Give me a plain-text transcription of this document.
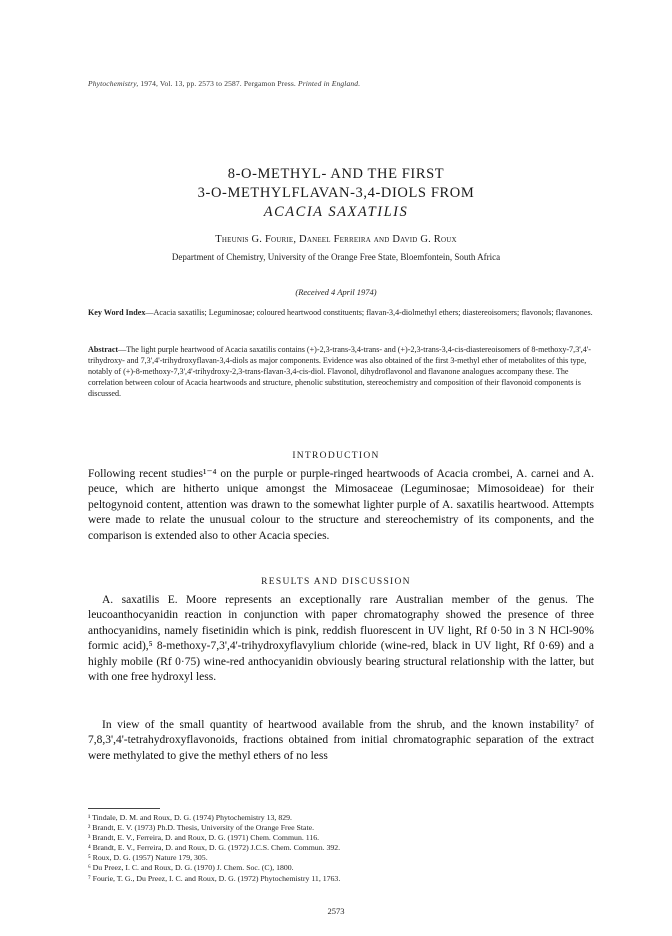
Phytochemistry, 1974, Vol. 13, pp. 2573 to 2587. Pergamon Press. Printed in England.
8-O-METHYL- AND THE FIRST
3-O-METHYLFLAVAN-3,4-DIOLS FROM
ACACIA SAXATILIS
Theunis G. Fourie, Daneel Ferreira and David G. Roux
Department of Chemistry, University of the Orange Free State, Bloemfontein, South Africa
(Received 4 April 1974)
Key Word Index—Acacia saxatilis; Leguminosae; coloured heartwood constituents; flavan-3,4-diolmethyl ethers; diastereoisomers; flavonols; flavanones.
Abstract—The light purple heartwood of Acacia saxatilis contains (+)-2,3-trans-3,4-trans- and (+)-2,3-trans-3,4-cis-diastereoisomers of 8-methoxy-7,3',4'-trihydroxy- and 7,3',4'-trihydroxyflavan-3,4-diols as major components. Evidence was also obtained of the first 3-methyl ether of metabolites of this type, notably of (+)-8-methoxy-7,3',4'-trihydroxy-2,3-trans-flavan-3,4-cis-diol. Flavonol, dihydroflavonol and flavanone analogues accompany these. The correlation between colour of Acacia heartwoods and structure, phenolic substitution, stereochemistry and composition of their flavonoid components is discussed.
INTRODUCTION
Following recent studies¹⁻⁴ on the purple or purple-ringed heartwoods of Acacia crombei, A. carnei and A. peuce, which are hitherto unique amongst the Mimosaceae (Leguminosae; Mimosoideae) for their peltogynoid content, attention was drawn to the somewhat lighter purple of A. saxatilis heartwood. Attempts were made to relate the unusual colour to the structure and stereochemistry of its components, and the comparison is extended also to other Acacia species.
RESULTS AND DISCUSSION
A. saxatilis E. Moore represents an exceptionally rare Australian member of the genus. The leucoanthocyanidin reaction in conjunction with paper chromatography showed the presence of three anthocyanidins, namely fisetinidin which is pink, reddish fluorescent in UV light, Rf 0·50 in 3 N HCl-90% formic acid),⁵ 8-methoxy-7,3',4'-trihydroxyflavylium chloride (wine-red, black in UV light, Rf 0·69) and a highly mobile (Rf 0·75) wine-red anthocyanidin obviously bearing structural relationship with the latter, but with one free hydroxyl less.
In view of the small quantity of heartwood available from the shrub, and the known instability⁷ of 7,8,3',4'-tetrahydroxyflavonoids, fractions obtained from initial chromatographic separation of the extract were methylated to give the methyl ethers of no less
¹ Tindale, D. M. and Roux, D. G. (1974) Phytochemistry 13, 829.
² Brandt, E. V. (1973) Ph.D. Thesis, University of the Orange Free State.
³ Brandt, E. V., Ferreira, D. and Roux, D. G. (1971) Chem. Commun. 116.
⁴ Brandt, E. V., Ferreira, D. and Roux, D. G. (1972) J.C.S. Chem. Commun. 392.
⁵ Roux, D. G. (1957) Nature 179, 305.
⁶ Du Preez, I. C. and Roux, D. G. (1970) J. Chem. Soc. (C), 1800.
⁷ Fourie, T. G., Du Preez, I. C. and Roux, D. G. (1972) Phytochemistry 11, 1763.
2573
